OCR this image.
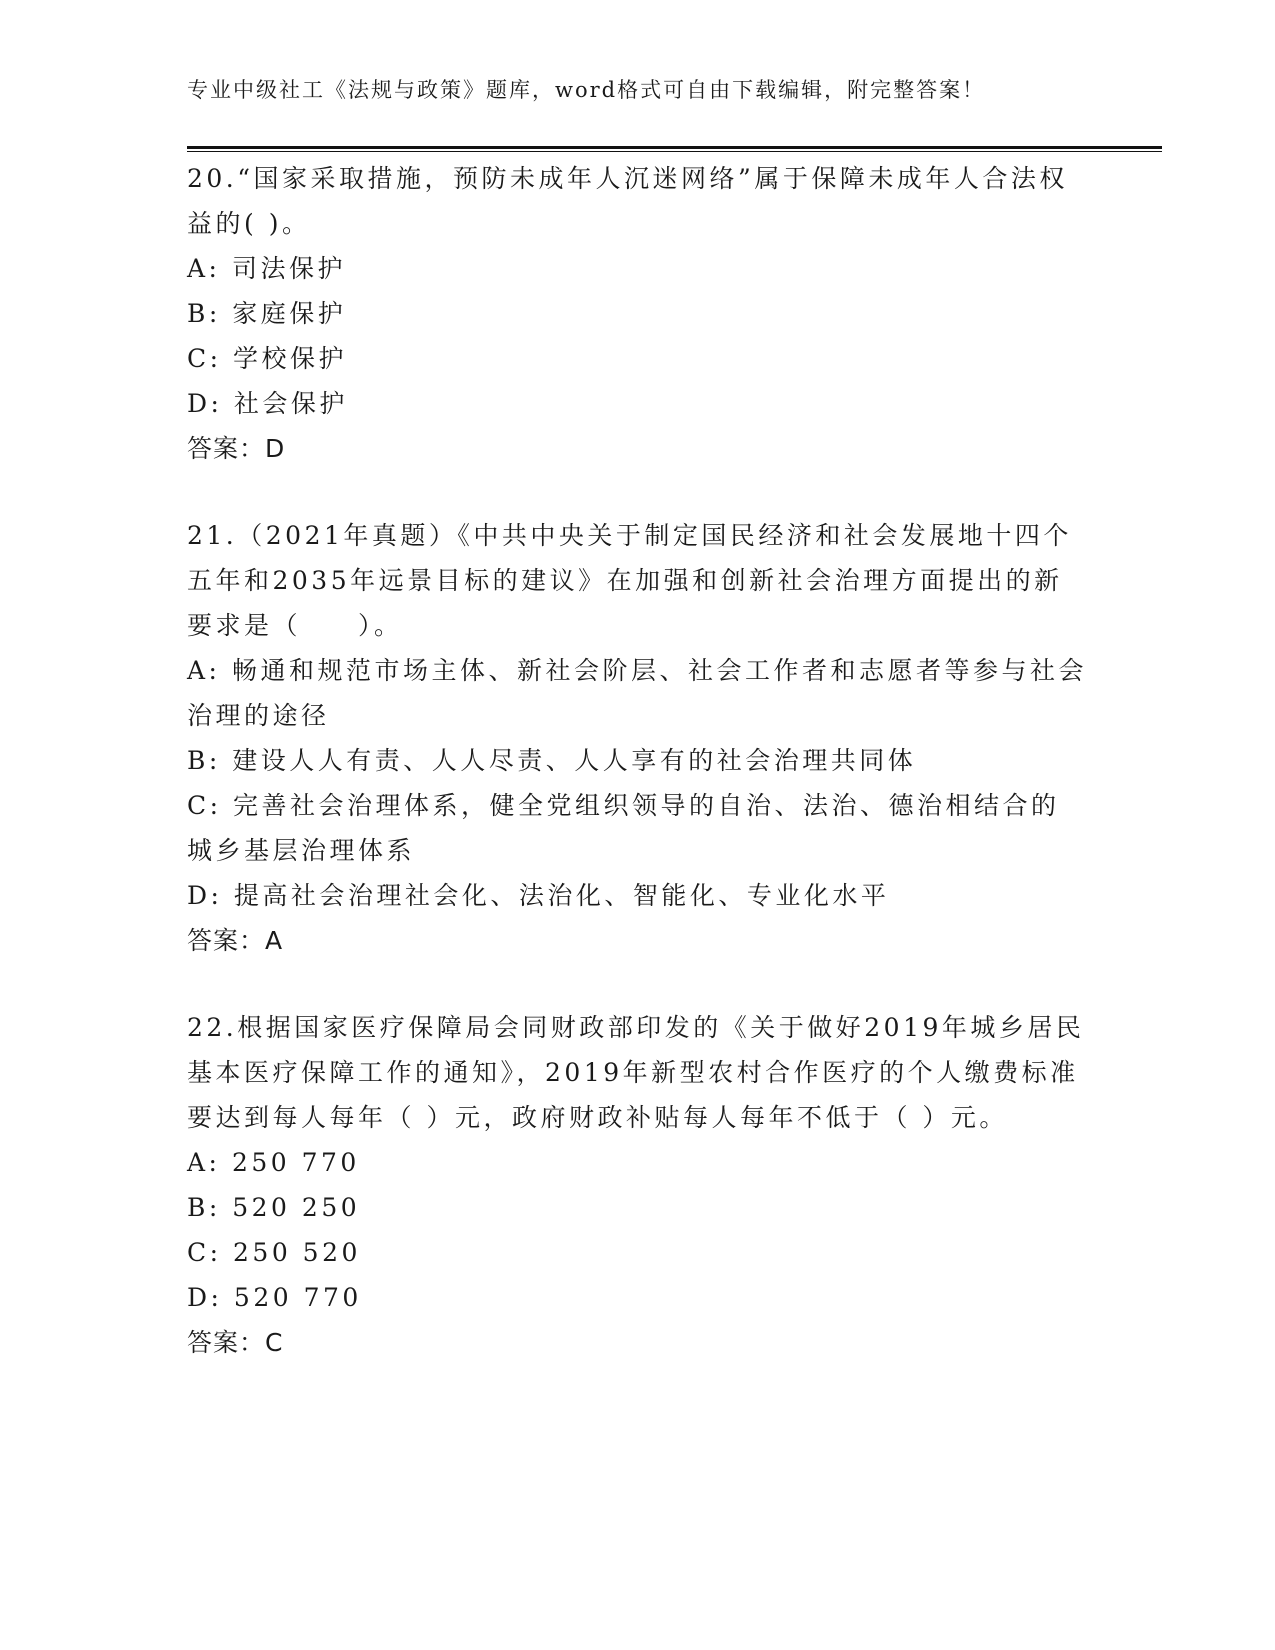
专业中级社工《法规与政策》题库，word格式可自由下载编辑，附完整答案！
20.“国家采取措施，预防未成年人沉迷网络”属于保障未成年人合法权益的( )。
A: 司法保护
B: 家庭保护
C: 学校保护
D: 社会保护
答案：D
21.（2021年真题）《中共中央关于制定国民经济和社会发展地十四个五年和2035年远景目标的建议》在加强和创新社会治理方面提出的新要求是（　　）。
A: 畅通和规范市场主体、新社会阶层、社会工作者和志愿者等参与社会治理的途径
B: 建设人人有责、人人尽责、人人享有的社会治理共同体
C: 完善社会治理体系，健全党组织领导的自治、法治、德治相结合的城乡基层治理体系
D: 提高社会治理社会化、法治化、智能化、专业化水平
答案：A
22.根据国家医疗保障局会同财政部印发的《关于做好2019年城乡居民基本医疗保障工作的通知》，2019年新型农村合作医疗的个人缴费标准要达到每人每年（ ）元，政府财政补贴每人每年不低于（ ）元。
A: 250 770
B: 520 250
C: 250 520
D: 520 770
答案：C
